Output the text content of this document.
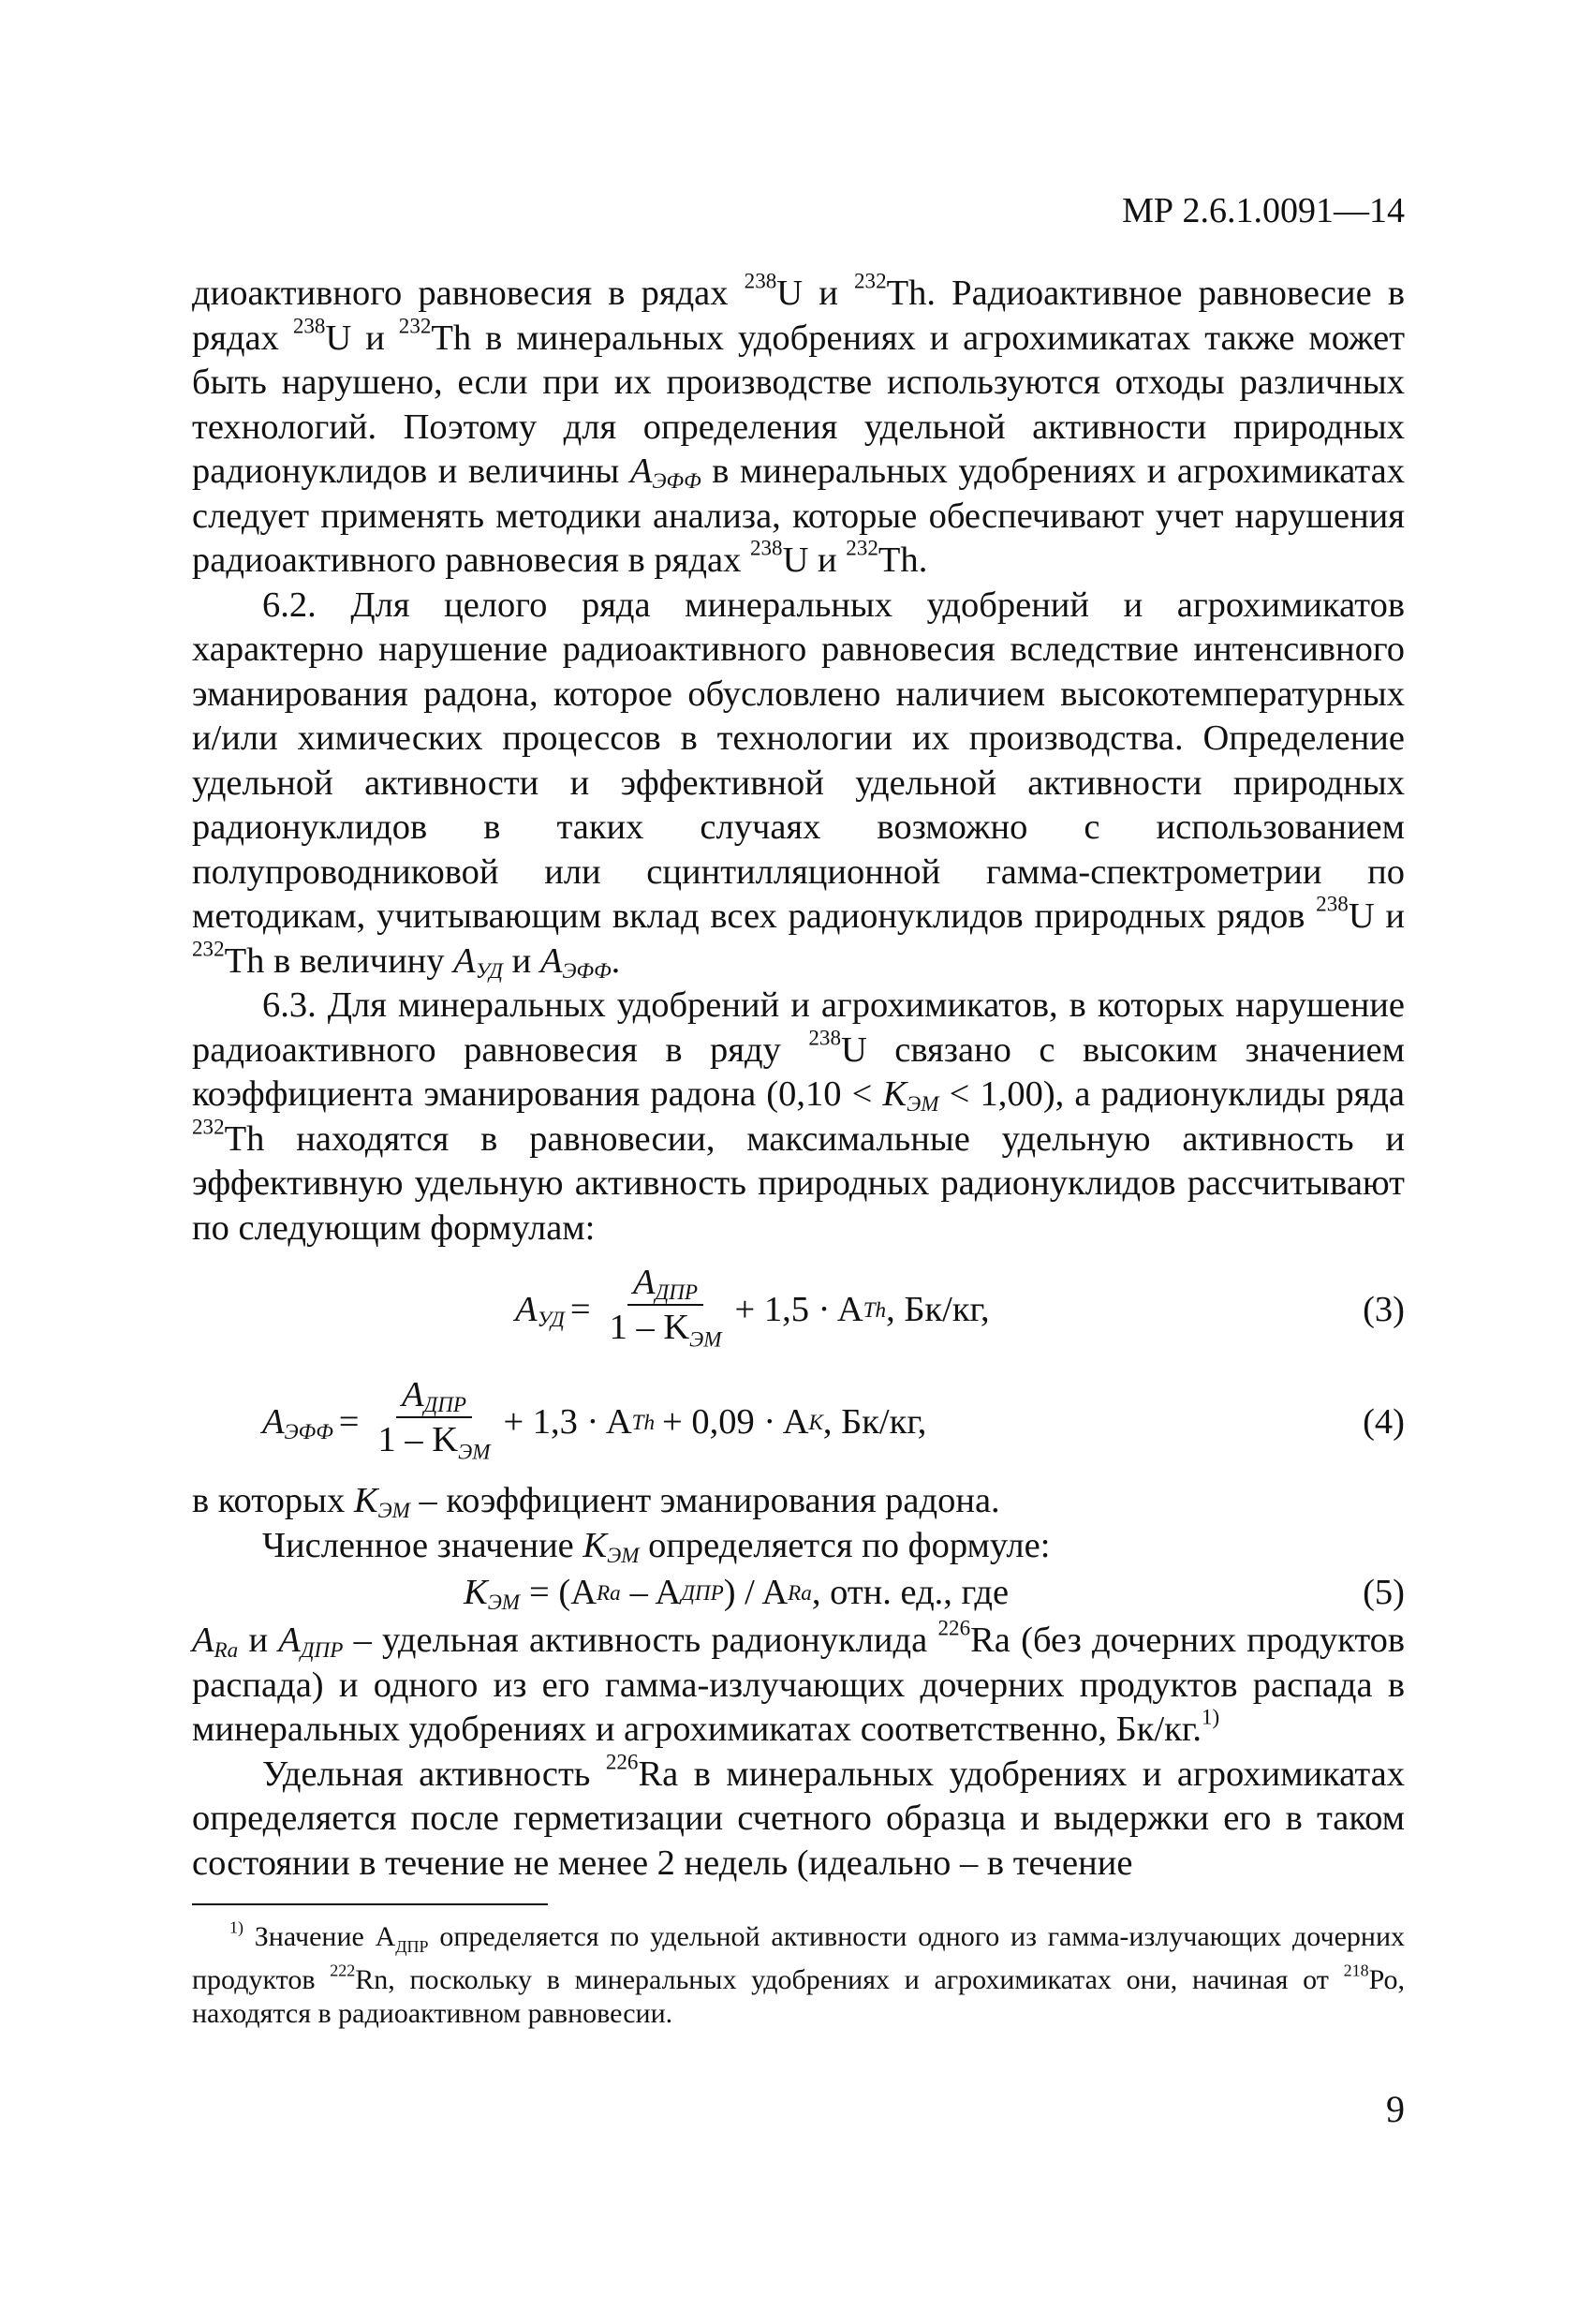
МР 2.6.1.0091—14

диоактивного равновесия в рядах $^{238}$U и $^{232}$Th. Радиоактивное равновесие в рядах $^{238}$U и $^{232}$Th в минеральных удобрениях и агрохимикатах также может быть нарушено, если при их производстве используются отходы различных технологий. Поэтому для определения удельной активности природных радионуклидов и величины $A_{ЭФФ}$ в минеральных удобрениях и агрохимикатах следует применять методики анализа, которые обеспечивают учет нарушения радиоактивного равновесия в рядах $^{238}$U и $^{232}$Th.

6.2. Для целого ряда минеральных удобрений и агрохимикатов характерно нарушение радиоактивного равновесия вследствие интенсивного эманирования радона, которое обусловлено наличием высокотемпературных и/или химических процессов в технологии их производства. Определение удельной активности и эффективной удельной активности природных радионуклидов в таких случаях возможно с использованием полупроводниковой или сцинтилляционной гамма-спектрометрии по методикам, учитывающим вклад всех радионуклидов природных рядов $^{238}$U и $^{232}$Th в величину $A_{УД}$ и $A_{ЭФФ}$.

6.3. Для минеральных удобрений и агрохимикатов, в которых нарушение радиоактивного равновесия в ряду $^{238}$U связано с высоким значением коэффициента эманирования радона $(0,10 < K_{ЭМ} < 1,00)$, а радионуклиды ряда $^{232}$Th находятся в равновесии, максимальные удельную активность и эффективную удельную активность природных радионуклидов рассчитывают по следующим формулам:

$A_{УД} = \frac{A_{ДПР}}{1 - K_{ЭМ}} + 1,5 \cdot A$ Th , Бк/кг,	(3)
$A_{ЭФФ} = \frac{A_{ДПР}}{1 - K_{ЭМ}} + 1,3 \cdot A$ Th + 0,09 · A К , Бк/кг,	(4)

в которых $K_{ЭМ}$ – коэффициент эманирования радона.

Численное значение $K_{ЭМ}$ определяется по формуле:

$K_{ЭМ} = (A$ Ra – A ДПР ) / A Ra , отн. ед., где	(5)

$A_{Ra}$ и $A_{ДПР}$ – удельная активность радионуклида $^{226}$Ra (без дочерних продуктов распада) и одного из его гамма-излучающих дочерних продуктов распада в минеральных удобрениях и агрохимикатах соответственно, Бк/кг.$^{1)}$

Удельная активность $^{226}$Ra в минеральных удобрениях и агрохимикатах определяется после герметизации счетного образца и выдержки его в таком состоянии в течение не менее 2 недель (идеально – в течение

$^{1)}$ Значение $A_{ДПР}$ определяется по удельной активности одного из гамма-излучающих дочерних продуктов $^{222}$Rn, поскольку в минеральных удобрениях и агрохимикатах они, начиная от $^{218}$Ро, находятся в радиоактивном равновесии.
9
